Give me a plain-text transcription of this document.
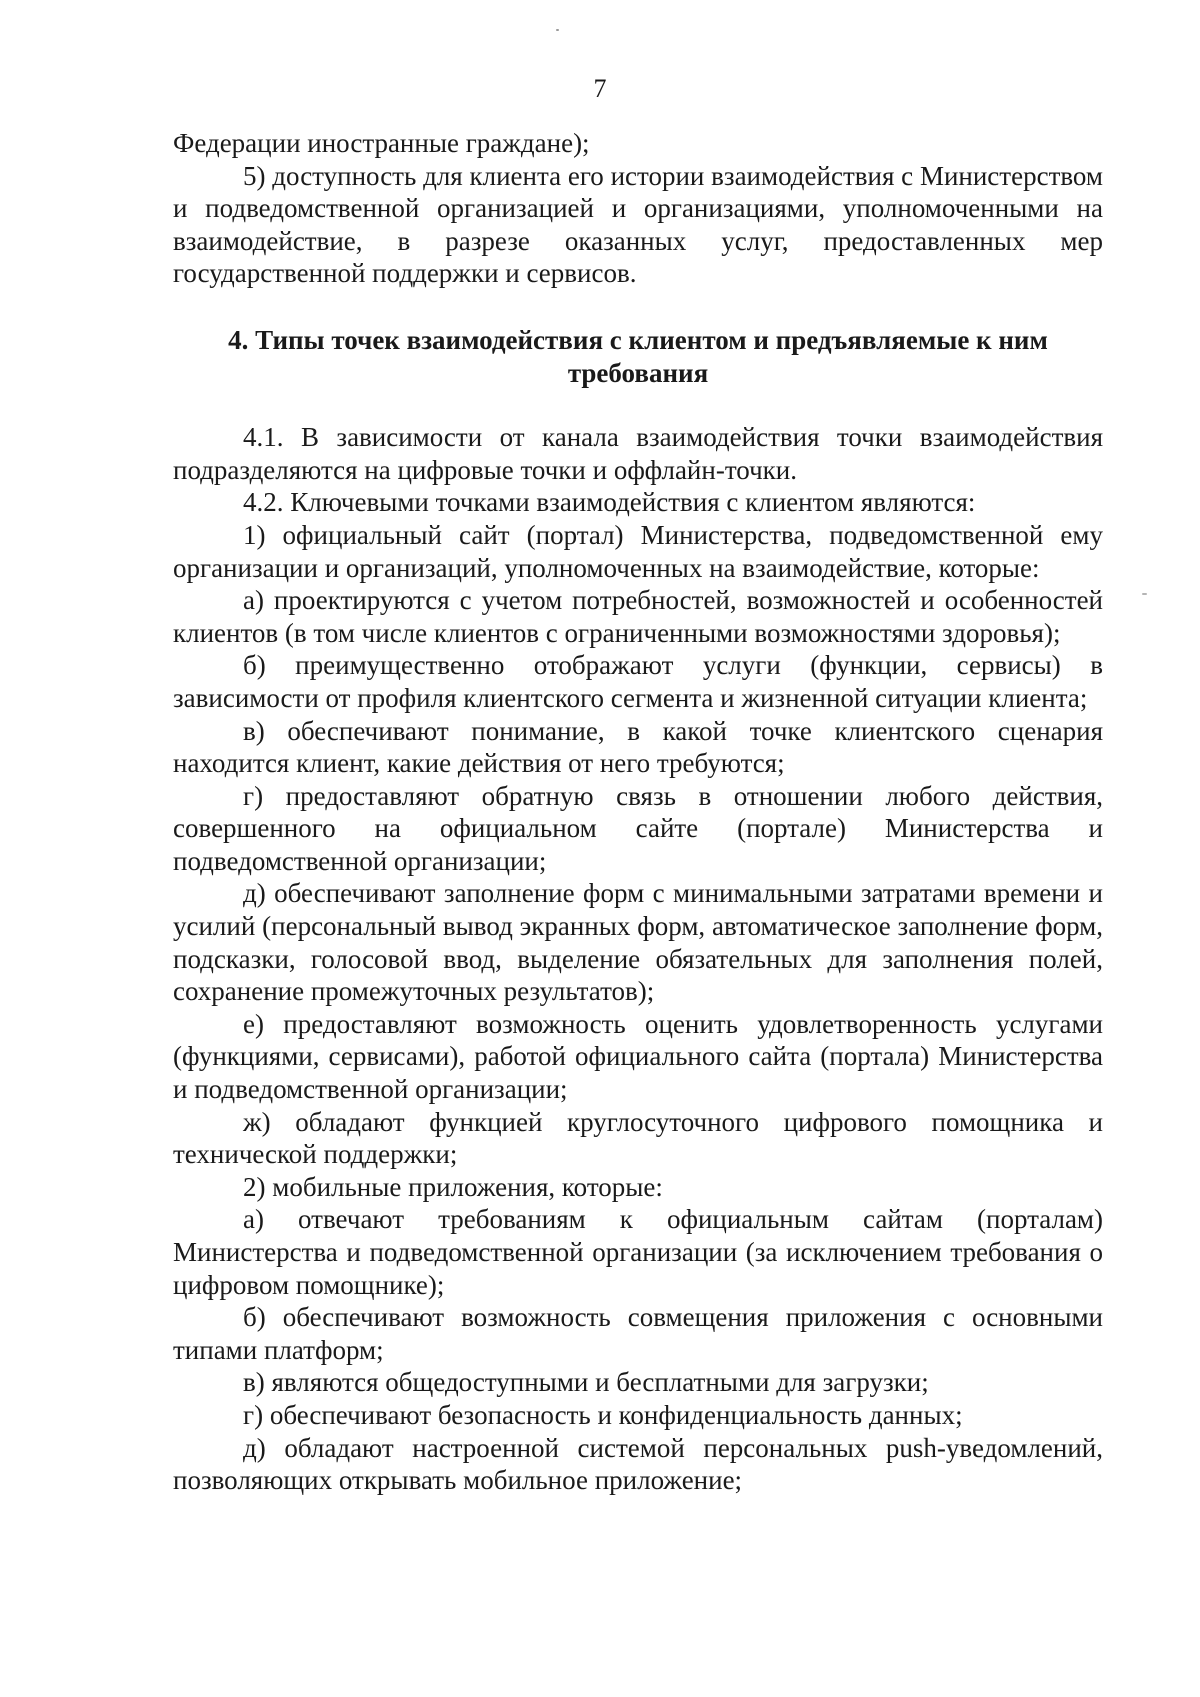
7

Федерации иностранные граждане);

5) доступность для клиента его истории взаимодействия с Министерством и подведомственной организацией и организациями, уполномоченными на взаимодействие, в разрезе оказанных услуг, предоставленных мер государственной поддержки и сервисов.

4. Типы точек взаимодействия с клиентом и предъявляемые к ним требования

4.1. В зависимости от канала взаимодействия точки взаимодействия подразделяются на цифровые точки и оффлайн-точки.

4.2. Ключевыми точками взаимодействия с клиентом являются:

1) официальный сайт (портал) Министерства, подведомственной ему организации и организаций, уполномоченных на взаимодействие, которые:

а) проектируются с учетом потребностей, возможностей и особенностей клиентов (в том числе клиентов с ограниченными возможностями здоровья);

б) преимущественно отображают услуги (функции, сервисы) в зависимости от профиля клиентского сегмента и жизненной ситуации клиента;

в) обеспечивают понимание, в какой точке клиентского сценария находится клиент, какие действия от него требуются;

г) предоставляют обратную связь в отношении любого действия, совершенного на официальном сайте (портале) Министерства и подведомственной организации;

д) обеспечивают заполнение форм с минимальными затратами времени и усилий (персональный вывод экранных форм, автоматическое заполнение форм, подсказки, голосовой ввод, выделение обязательных для заполнения полей, сохранение промежуточных результатов);

е) предоставляют возможность оценить удовлетворенность услугами (функциями, сервисами), работой официального сайта (портала) Министерства и подведомственной организации;

ж) обладают функцией круглосуточного цифрового помощника и технической поддержки;

2) мобильные приложения, которые:

а) отвечают требованиям к официальным сайтам (порталам) Министерства и подведомственной организации (за исключением требования о цифровом помощнике);

б) обеспечивают возможность совмещения приложения с основными типами платформ;

в) являются общедоступными и бесплатными для загрузки;

г) обеспечивают безопасность и конфиденциальность данных;

д) обладают настроенной системой персональных push-уведомлений, позволяющих открывать мобильное приложение;
